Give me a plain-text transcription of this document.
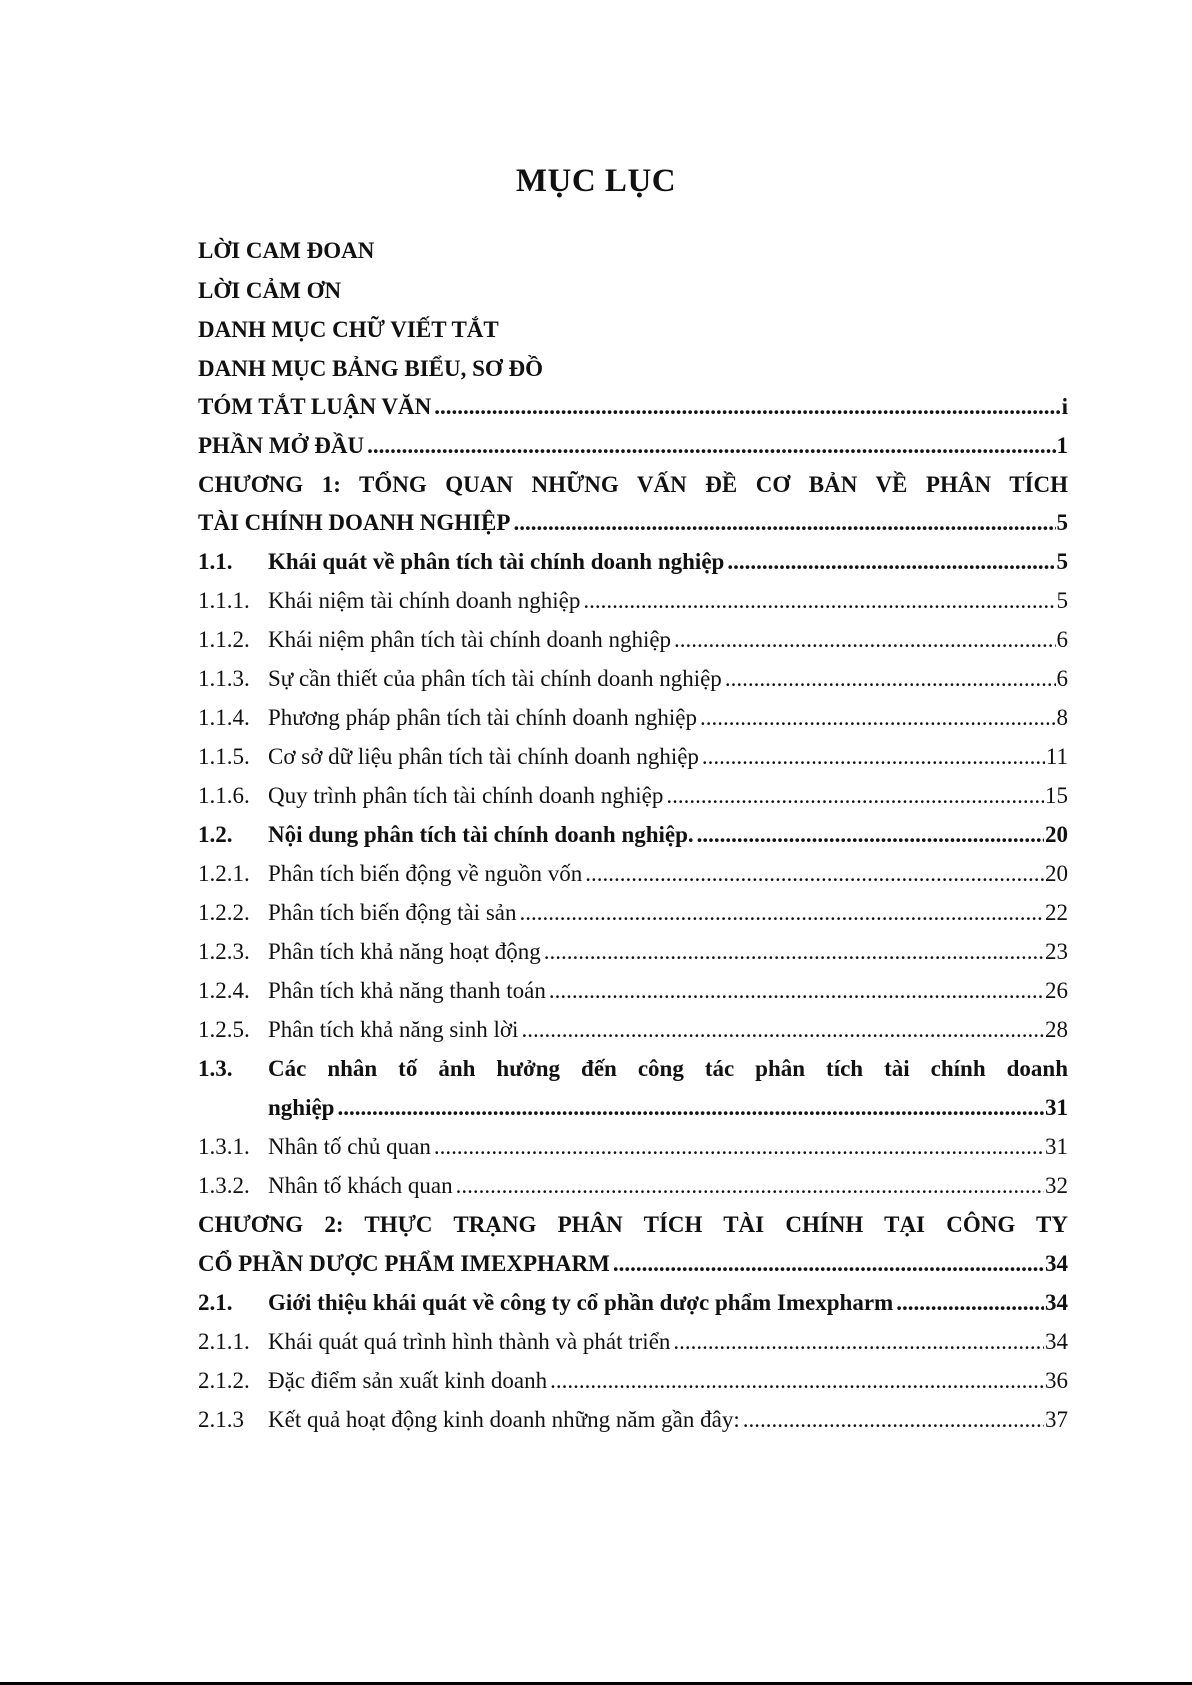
MỤC LỤC
LỜI CAM ĐOAN
LỜI CẢM ƠN
DANH MỤC CHỮ VIẾT TẮT
DANH MỤC BẢNG BIỂU, SƠ ĐỒ
TÓM TẮT LUẬN VĂN .....	i
PHẦN MỞ ĐẦU .....	1
CHƯƠNG 1: TỔNG QUAN NHỮNG VẤN ĐỀ CƠ BẢN VỀ PHÂN TÍCH
TÀI CHÍNH DOANH NGHIỆP .....	5
1.1.	Khái quát về phân tích tài chính doanh nghiệp .....	5
1.1.1. Khái niệm tài chính doanh nghiệp .....	5
1.1.2. Khái niệm phân tích tài chính doanh nghiệp .....	6
1.1.3. Sự cần thiết của phân tích tài chính doanh nghiệp .....	6
1.1.4. Phương pháp phân tích tài chính doanh nghiệp .....	8
1.1.5. Cơ sở dữ liệu phân tích tài chính doanh nghiệp .....	11
1.1.6. Quy trình phân tích tài chính doanh nghiệp .....	15
1.2.	Nội dung phân tích tài chính doanh nghiệp. .....	20
1.2.1. Phân tích biến động về nguồn vốn .....	20
1.2.2. Phân tích biến động tài sản .....	22
1.2.3. Phân tích khả năng hoạt động .....	23
1.2.4. Phân tích khả năng thanh toán .....	26
1.2.5. Phân tích khả năng sinh lời .....	28
1.3.	Các nhân tố ảnh hưởng đến công tác phân tích tài chính doanh
nghiệp .....	31
1.3.1. Nhân tố chủ quan .....	31
1.3.2. Nhân tố khách quan .....	32
CHƯƠNG 2: THỰC TRẠNG PHÂN TÍCH TÀI CHÍNH TẠI CÔNG TY
CỔ PHẦN DƯỢC PHẨM IMEXPHARM .....	34
2.1.	Giới thiệu khái quát về công ty cổ phần dược phẩm Imexpharm .....	34
2.1.1. Khái quát quá trình hình thành và phát triển .....	34
2.1.2. Đặc điểm sản xuất kinh doanh .....	36
2.1.3	Kết quả hoạt động kinh doanh những năm gần đây: .....	37
